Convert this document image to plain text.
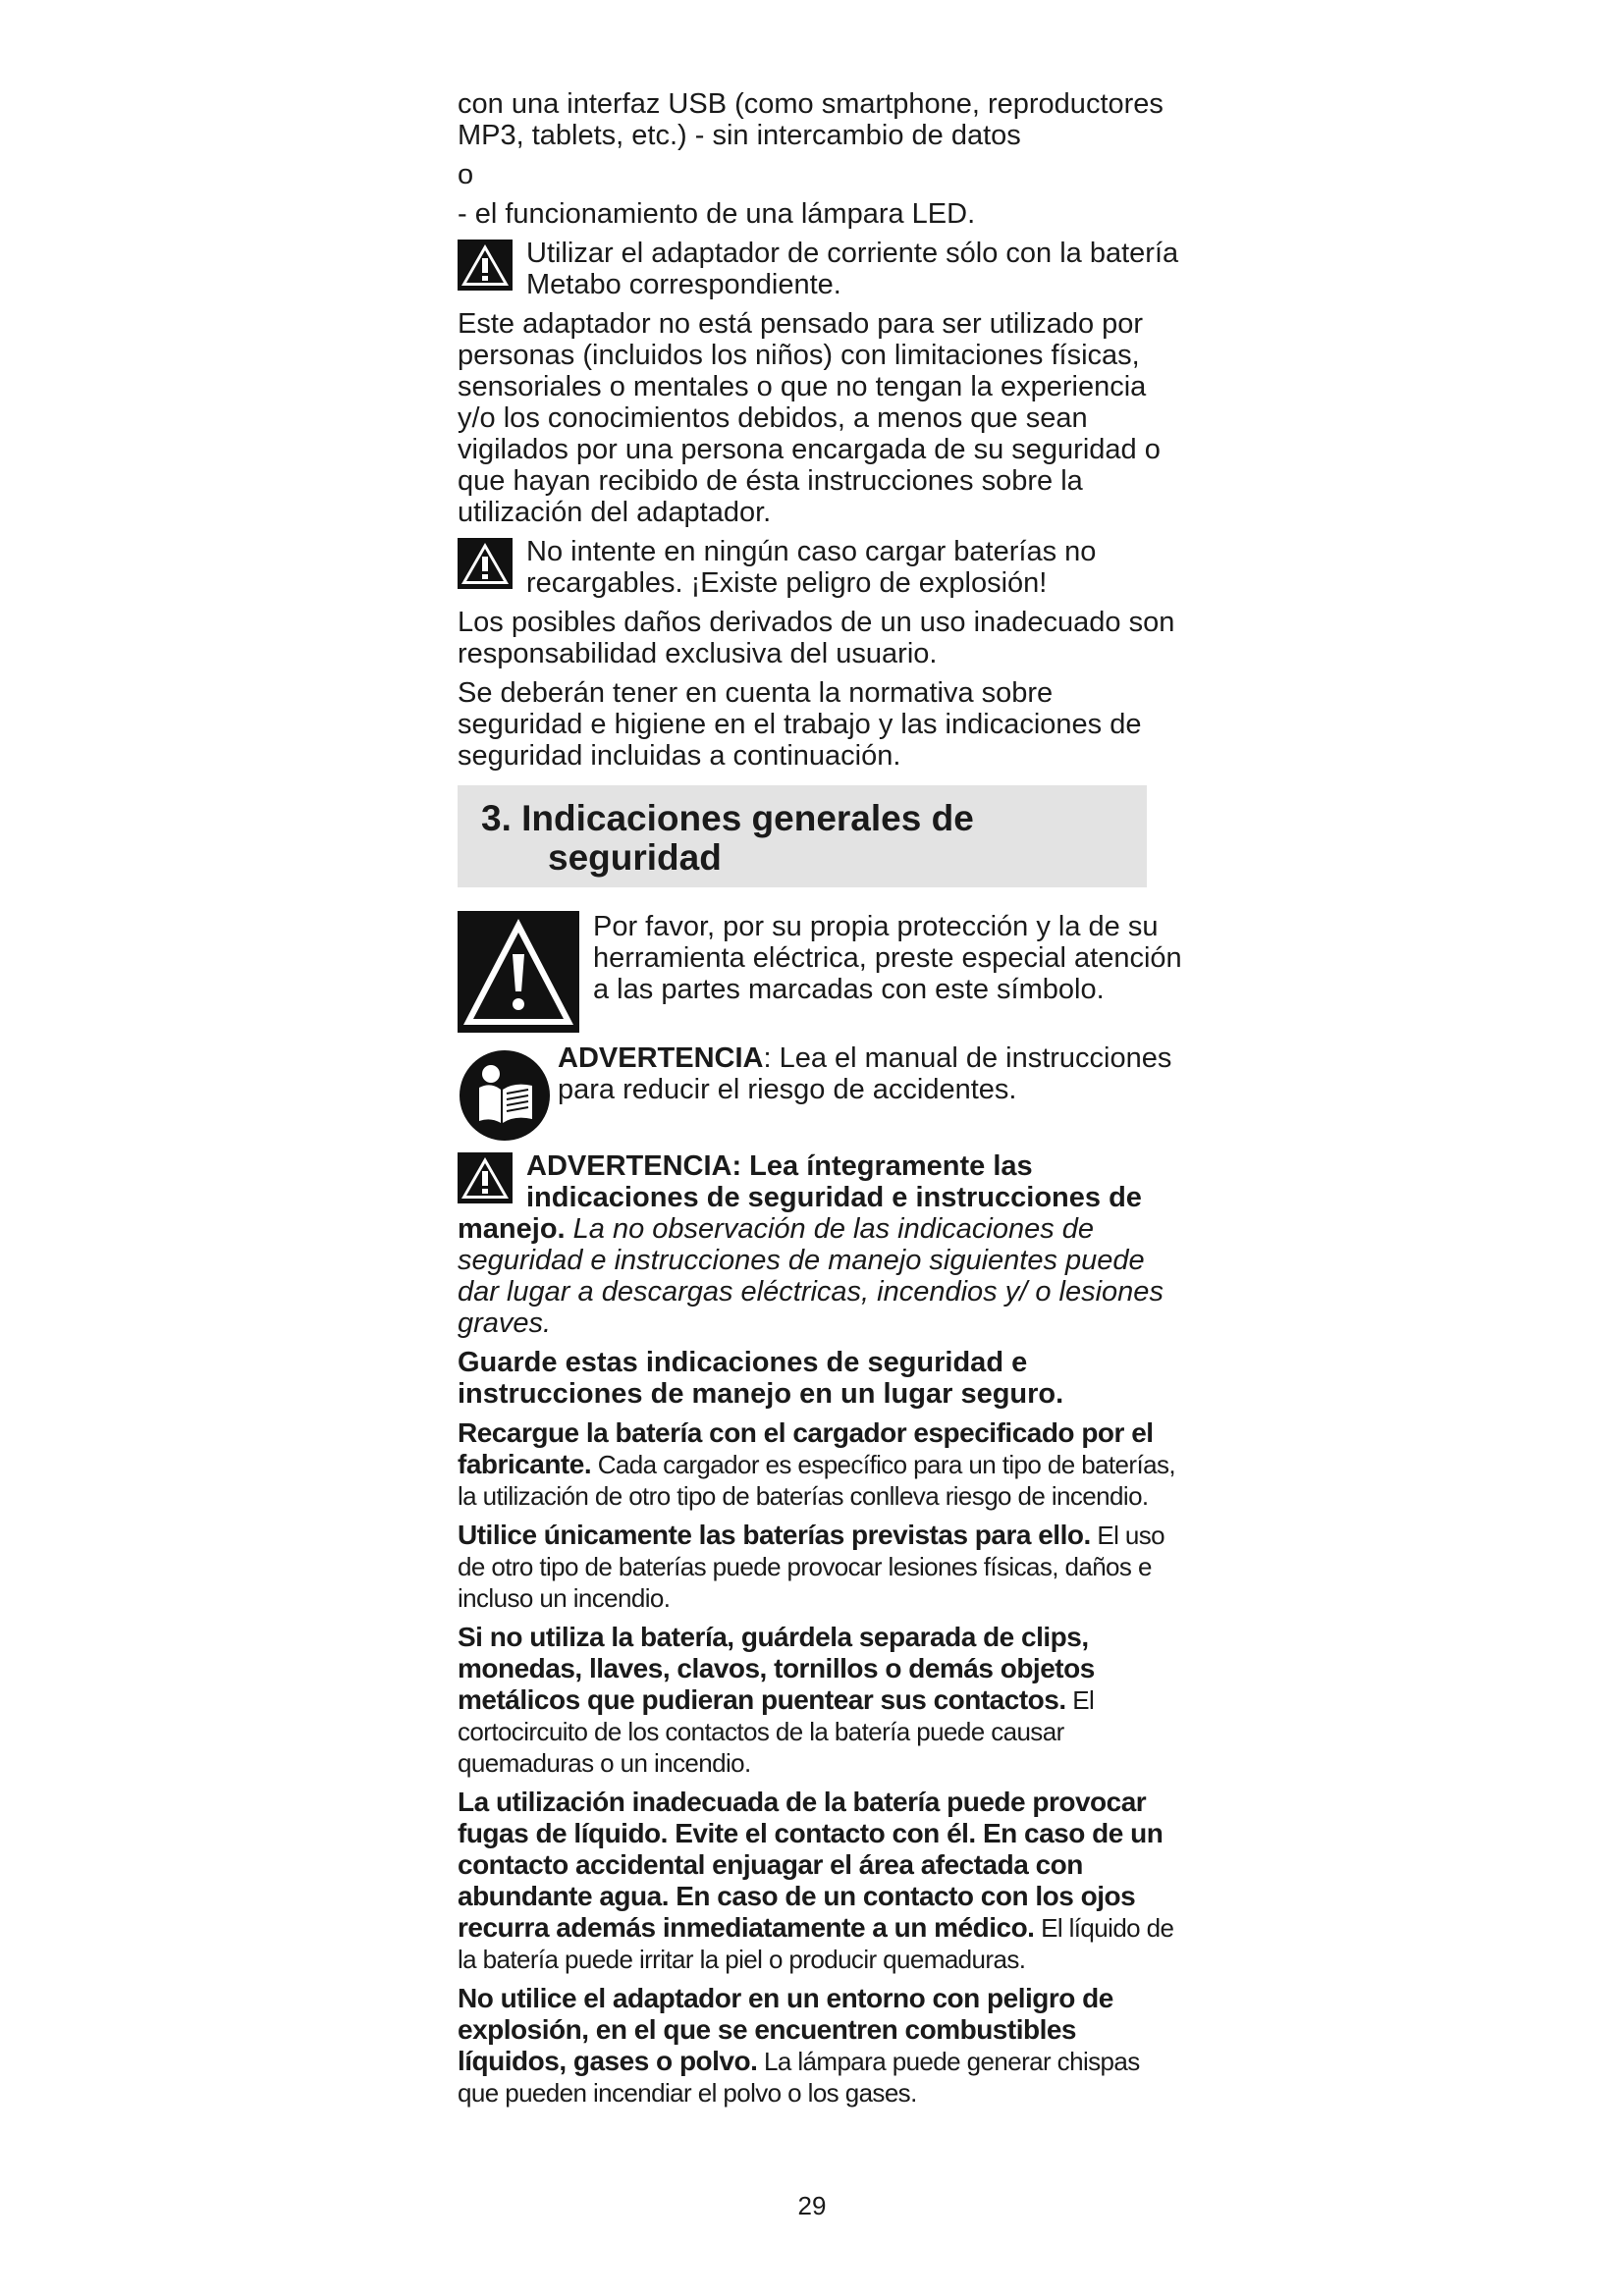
con una interfaz USB (como smartphone, reproductores MP3, tablets, etc.) - sin intercambio de datos

o

- el funcionamiento de una lámpara LED.

Utilizar el adaptador de corriente sólo con la batería Metabo correspondiente.

Este adaptador no está pensado para ser utilizado por personas (incluidos los niños) con limitaciones físicas, sensoriales o mentales o que no tengan la experiencia y/o los conocimientos debidos, a menos que sean vigilados por una persona encargada de su seguridad o que hayan recibido de ésta instrucciones sobre la utilización del adaptador.

No intente en ningún caso cargar baterías no recargables. ¡Existe peligro de explosión!

Los posibles daños derivados de un uso inadecuado son responsabilidad exclusiva del usuario.

Se deberán tener en cuenta la normativa sobre seguridad e higiene en el trabajo y las indicaciones de seguridad incluidas a continuación.

3. Indicaciones generales de
seguridad

Por favor, por su propia protección y la de su herramienta eléctrica, preste especial atención a las partes marcadas con este símbolo.

ADVERTENCIA: Lea el manual de instrucciones para reducir el riesgo de accidentes.

ADVERTENCIA: Lea íntegramente las indicaciones de seguridad e instrucciones de manejo. La no observación de las indicaciones de seguridad e instrucciones de manejo siguientes puede dar lugar a descargas eléctricas, incendios y/ o lesiones graves.

Guarde estas indicaciones de seguridad e instrucciones de manejo en un lugar seguro.

Recargue la batería con el cargador especificado por el fabricante. Cada cargador es específico para un tipo de baterías, la utilización de otro tipo de baterías conlleva riesgo de incendio.

Utilice únicamente las baterías previstas para ello. El uso de otro tipo de baterías puede provocar lesiones físicas, daños e incluso un incendio.

Si no utiliza la batería, guárdela separada de clips, monedas, llaves, clavos, tornillos o demás objetos metálicos que pudieran puentear sus contactos. El cortocircuito de los contactos de la batería puede causar quemaduras o un incendio.

La utilización inadecuada de la batería puede provocar fugas de líquido. Evite el contacto con él. En caso de un contacto accidental enjuagar el área afectada con abundante agua. En caso de un contacto con los ojos recurra además inmediatamente a un médico. El líquido de la batería puede irritar la piel o producir quemaduras.

No utilice el adaptador en un entorno con peligro de explosión, en el que se encuentren combustibles líquidos, gases o polvo. La lámpara puede generar chispas que pueden incendiar el polvo o los gases.

29
